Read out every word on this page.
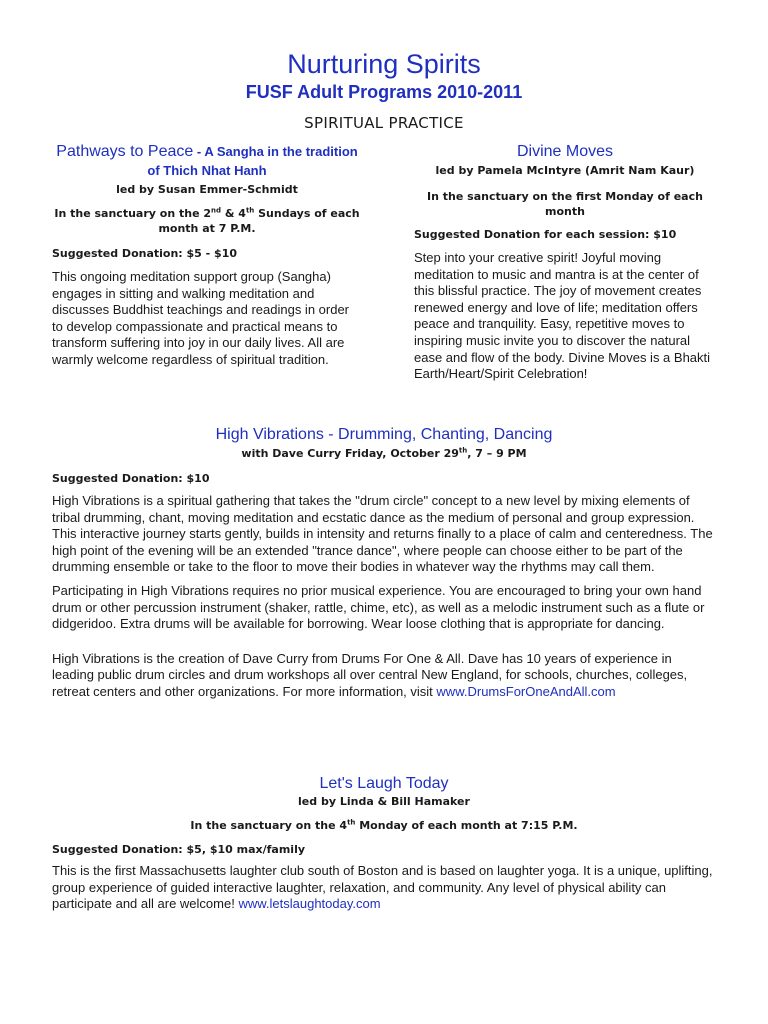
Nurturing Spirits

FUSF Adult Programs 2010-2011

SPIRITUAL PRACTICE

Pathways to Peace - A Sangha in the tradition of Thich Nhat Hanh

led by Susan Emmer-Schmidt

In the sanctuary on the 2nd & 4th Sundays of each month at 7 P.M.

Suggested Donation: $5 - $10

This ongoing meditation support group (Sangha) engages in sitting and walking meditation and discusses Buddhist teachings and readings in order to develop compassionate and practical means to transform suffering into joy in our daily lives. All are warmly welcome regardless of spiritual tradition.

Divine Moves

led by Pamela McIntyre (Amrit Nam Kaur)

In the sanctuary on the first Monday of each month

Suggested Donation for each session: $10

Step into your creative spirit! Joyful moving meditation to music and mantra is at the center of this blissful practice. The joy of movement creates renewed energy and love of life; meditation offers peace and tranquility. Easy, repetitive moves to inspiring music invite you to discover the natural ease and flow of the body. Divine Moves is a Bhakti Earth/Heart/Spirit Celebration!

High Vibrations - Drumming, Chanting, Dancing

with Dave Curry Friday, October 29th, 7 – 9 PM

Suggested Donation: $10

High Vibrations is a spiritual gathering that takes the "drum circle" concept to a new level by mixing elements of tribal drumming, chant, moving meditation and ecstatic dance as the medium of personal and group expression. This interactive journey starts gently, builds in intensity and returns finally to a place of calm and centeredness. The high point of the evening will be an extended "trance dance", where people can choose either to be part of the drumming ensemble or take to the floor to move their bodies in whatever way the rhythms may call them.

Participating in High Vibrations requires no prior musical experience. You are encouraged to bring your own hand drum or other percussion instrument (shaker, rattle, chime, etc), as well as a melodic instrument such as a flute or didgeridoo. Extra drums will be available for borrowing. Wear loose clothing that is appropriate for dancing.

High Vibrations is the creation of Dave Curry from Drums For One & All. Dave has 10 years of experience in leading public drum circles and drum workshops all over central New England, for schools, churches, colleges, retreat centers and other organizations. For more information, visit www.DrumsForOneAndAll.com

Let's Laugh Today

led by Linda & Bill Hamaker

In the sanctuary on the 4th Monday of each month at 7:15 P.M.

Suggested Donation: $5, $10 max/family

This is the first Massachusetts laughter club south of Boston and is based on laughter yoga. It is a unique, uplifting, group experience of guided interactive laughter, relaxation, and community. Any level of physical ability can participate and all are welcome! www.letslaughtoday.com
